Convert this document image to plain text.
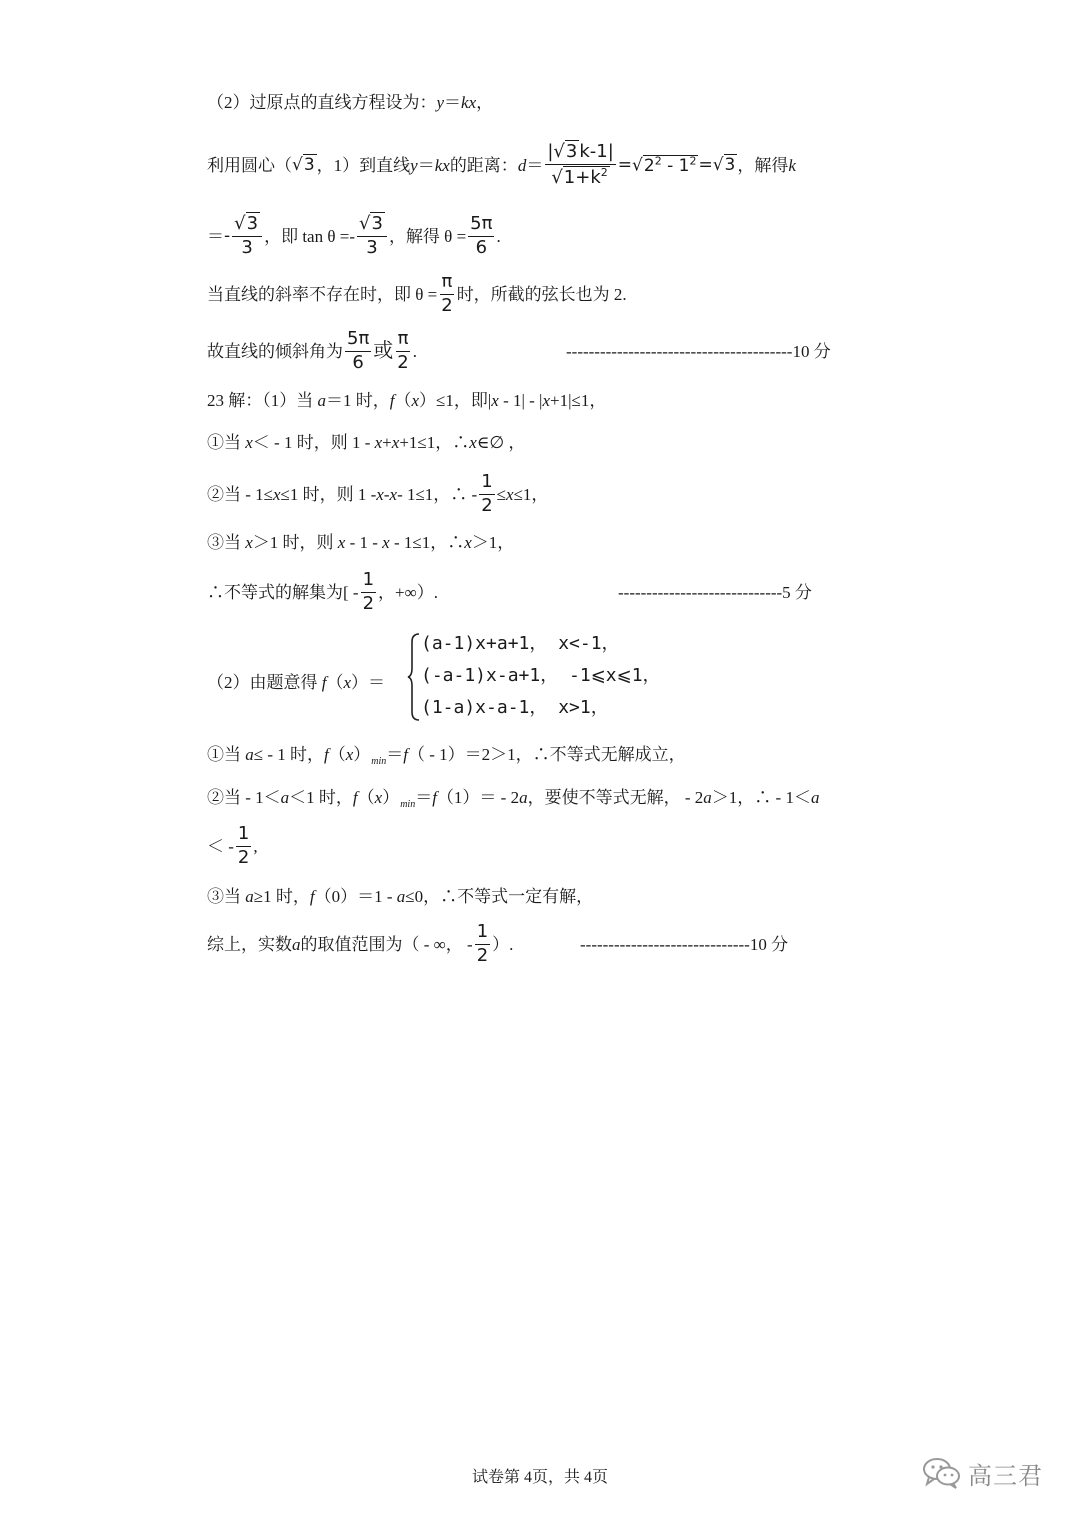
（2）过原点的直线方程设为：y＝kx，
利用圆心（ √3 ，1）到直线 y ＝ kx 的距离： $d = \frac{|√3 k-1|}{√1+k^2} = √2^2 - 1^2 = √3$ ，解得 k
＝ - $\frac{√3}{3}$ ，即 $\tan \theta =- \frac{√3}{3}$ ，解得 $\theta = \frac{5\pi}{6}$ .
当直线的斜率不存在时，即 $\theta = \frac{\pi}{2}$ 时，所截的弦长也为 2.
故直线的倾斜角为 $\frac{5\pi}{6}$ 或 $\frac{\pi}{2}$ .	----------------------------------------10 分
23 解：（1）当 a＝1 时，f（x）≤1，即|x - 1| - |x+1|≤1，
①当 x＜ - 1 时，则 1 - x+x+1≤1，∴x∈∅ ，
②当 - 1≤ x ≤1 时，则 1 - x - x - 1≤1，∴ - $\frac{1}{2} \le x \le 1$，
③当 x＞1 时，则 x - 1 - x - 1≤1，∴x＞1，
∴不等式的解集为[ - $\frac{1}{2}$ ，+∞）.	-----------------------------5 分
（2）由题意得 f（x）＝
(a-1)x+a+1， x<-1，
(-a-1)x-a+1， -1⩽x⩽1，
(1-a)x-a-1， x>1，
①当 a≤ - 1 时，$f(x)_{min}=f( - 1)=2>1$，∴不等式无解成立，
②当 - 1＜a＜1 时，$f(x)_{min}=f(1)= - 2a$，要使不等式无解， - 2a＞1，∴ - 1＜a
＜ - $\frac{1}{2}$ ,
③当 a≥1 时，f（0）＝1 - a≤0，∴不等式一定有解，
综上，实数 a 的取值范围为（ - ∞， - $\frac{1}{2}$ ）.	------------------------------10 分
试卷第 4页，共 4页	高三君
